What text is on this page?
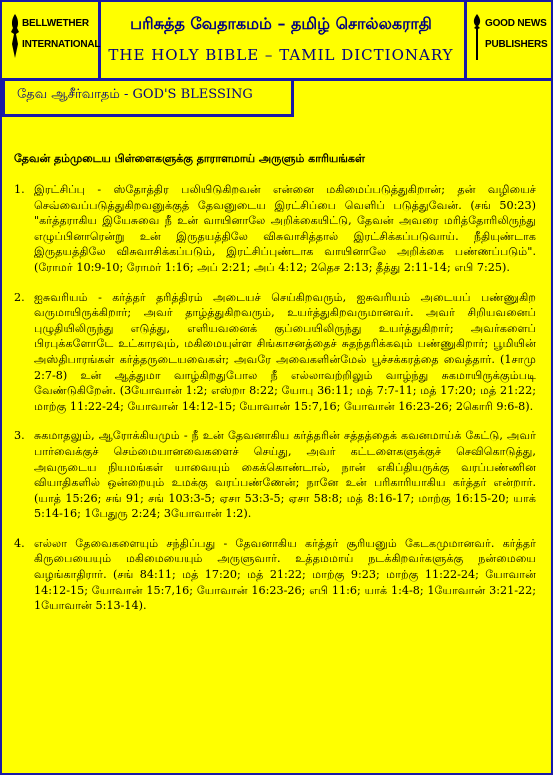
BELLWETHER
INTERNATIONAL
பரிசுத்த வேதாகமம் – தமிழ் சொல்லகராதி
THE HOLY BIBLE – TAMIL DICTIONARY
GOOD NEWS
PUBLISHERS
தேவ ஆசீர்வாதம் - GOD'S BLESSING
தேவன் தம்முடைய பிள்ளைகளுக்கு தாராளமாய் அருளும் காரியங்கள்
1. இரட்சிப்பு - ஸ்தோத்திர பலியிடுகிறவன் என்னை மகிமைப்படுத்துகிறான்; தன் வழியைச் செவ்வைப்படுத்துகிறவனுக்குத் தேவனுடைய இரட்சிப்பை வெளிப் படுத்துவேன். (சங் 50:23) "கர்த்தராகிய இயேசுவை நீ உன் வாயினாலே அறிக்கையிட்டு, தேவன் அவரை மரித்தோரிலிருந்து எழுப்பினாரென்று உன் இருதயத்திலே விசுவாசித்தால் இரட்சிக்கப்படுவாய். நீதியுண்டாக இருதயத்திலே விசுவாசிக்கப்படும், இரட்சிப்புண்டாக வாயினாலே அறிக்கை பண்ணப்படும்". (ரோமர் 10:9-10; ரோமர் 1:16; அப் 2:21; அப் 4:12; 2தெச 2:13; தீத்து 2:11-14; எபி 7:25).
2. ஐசுவரியம் - கர்த்தர் தரித்திரம் அடையச் செய்கிறவரும், ஐசுவரியம் அடையப் பண்ணுகிற வருமாயிருக்கிறார்; அவர் தாழ்த்துகிறவரும், உயர்த்துகிறவருமானவர். அவர் சிறியவனைப் புழுதியிலிருந்து எடுத்து, எளியவனைக் குப்பையிலிருந்து உயர்த்துகிறார்; அவர்களைப் பிரபுக்களோடே உட்காரவும், மகிமையுள்ள சிங்காசனத்தைச் சுதந்தரிக்கவும் பண்ணுகிறார்; பூமியின் அஸ்திபாரங்கள் கர்த்தருடையவைகள்; அவரே அவைகளின்மேல் பூச்சக்கரத்தை வைத்தார். (1சாமு 2:7-8) உன் ஆத்துமா வாழ்கிறதுபோல நீ எல்லாவற்றிலும் வாழ்ந்து சுகமாயிருக்கும்படி வேண்டுகிறேன். (3யோவான் 1:2; எஸ்றா 8:22; யோபு 36:11; மத் 7:7-11; மத் 17:20; மத் 21:22; மாற்கு 11:22-24; யோவான் 14:12-15; யோவான் 15:7,16; யோவான் 16:23-26; 2கொரி 9:6-8).
3. சுகமாதலும், ஆரோக்கியமும் - நீ உன் தேவனாகிய கர்த்தரின் சத்தத்தைக் கவனமாய்க் கேட்டு, அவர் பார்வைக்குச் செம்மையானவைகளைச் செய்து, அவர் கட்டளைகளுக்குச் செவிகொடுத்து, அவருடைய நியமங்கள் யாவையும் கைக்கொண்டால், நான் எகிப்தியருக்கு வரப்பண்ணின வியாதிகளில் ஒன்றையும் உமக்கு வரப்பண்ணேன்; நானே உன் பரிகாரியாகிய கர்த்தர் என்றார். (யாத் 15:26; சங் 91; சங் 103:3-5; ஏசா 53:3-5; ஏசா 58:8; மத் 8:16-17; மாற்கு 16:15-20; யாக் 5:14-16; 1பேதுரு 2:24; 3யோவான் 1:2).
4. எல்லா தேவைகளையும் சந்திப்பது - தேவனாகிய கர்த்தர் சூரியனும் கேடகமுமானவர். கர்த்தர் கிருபையையும் மகிமையையும் அருளுவார். உத்தமமாய் நடக்கிறவர்களுக்கு நன்மையை வழங்காதிரார். (சங் 84:11; மத் 17:20; மத் 21:22; மாற்கு 9:23; மாற்கு 11:22-24; யோவான் 14:12-15; யோவான் 15:7,16; யோவான் 16:23-26; எபி 11:6; யாக் 1:4-8; 1யோவான் 3:21-22; 1யோவான் 5:13-14).
